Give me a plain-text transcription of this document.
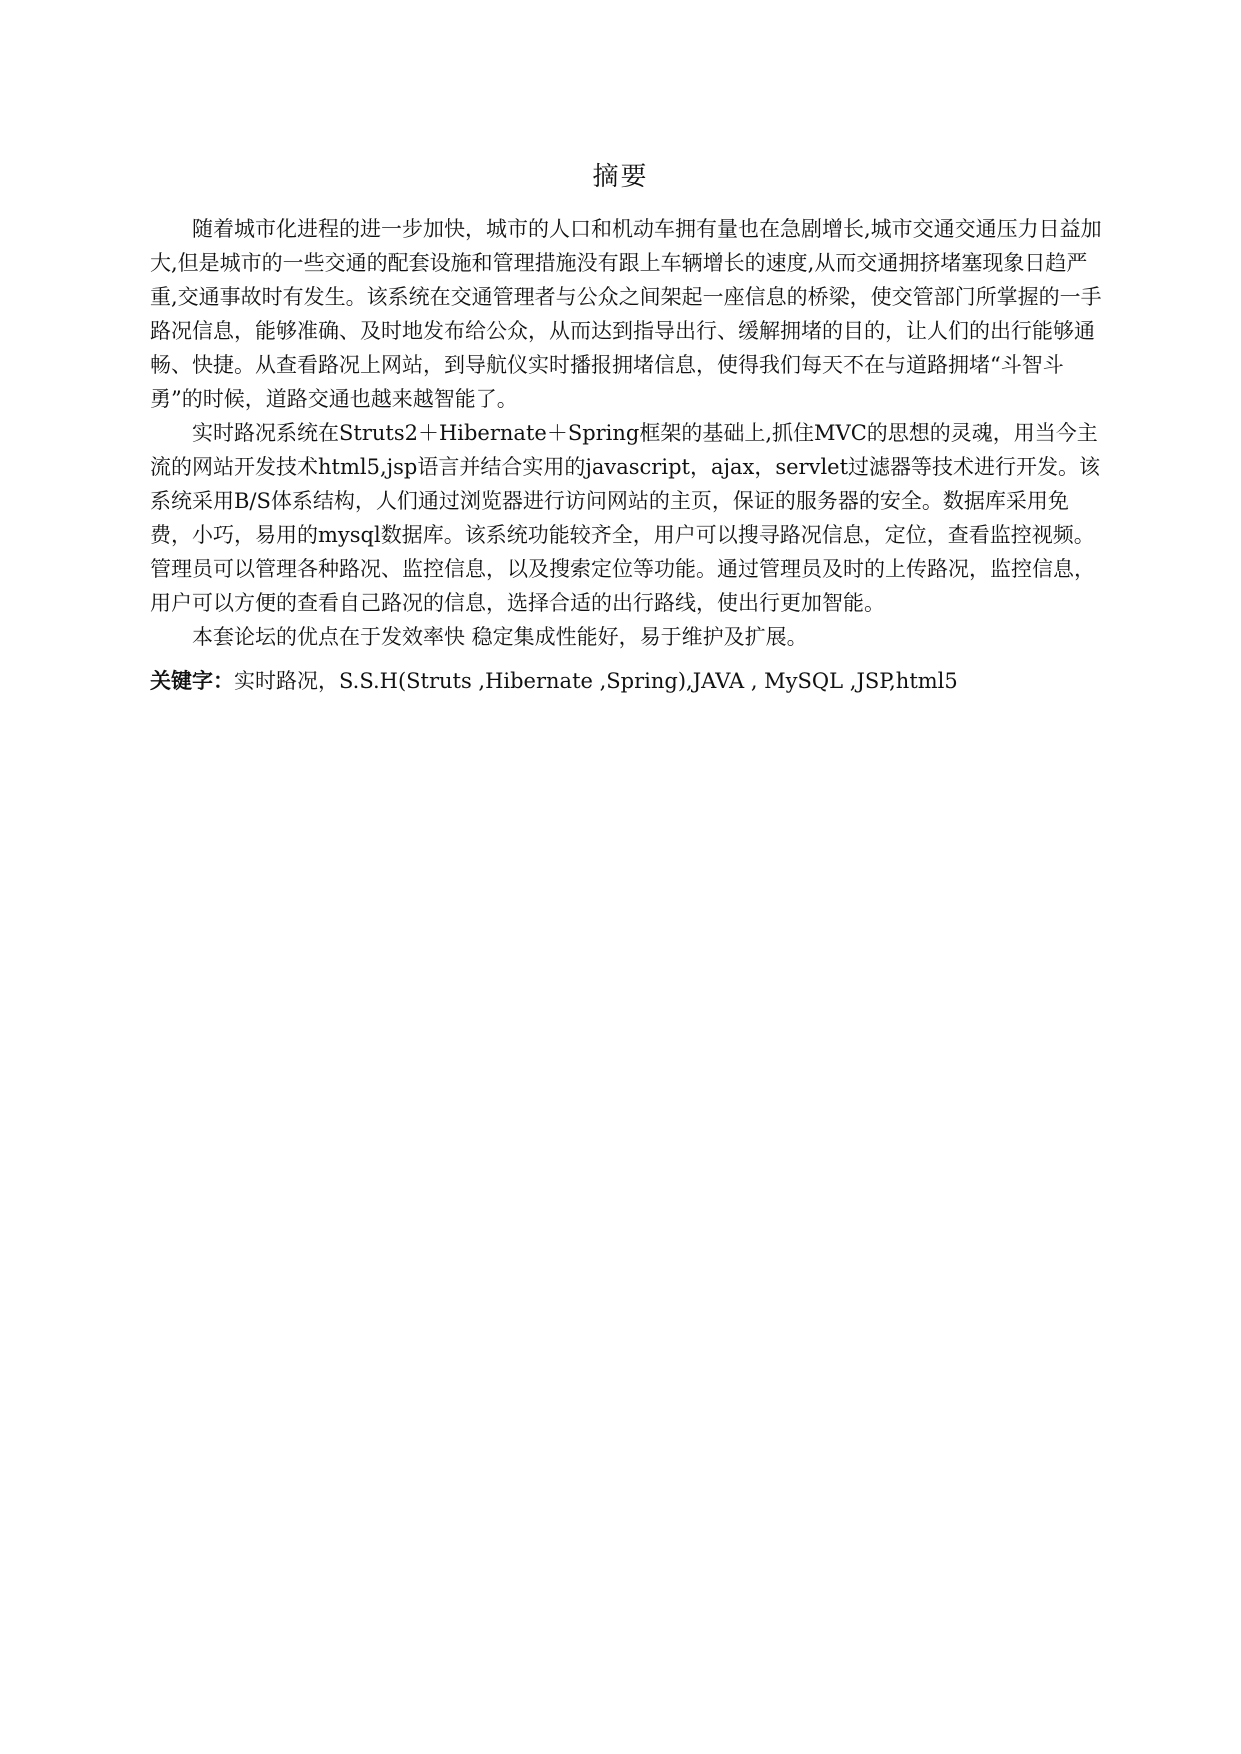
摘要

随着城市化进程的进一步加快，城市的人口和机动车拥有量也在急剧增长,城市交通交通压力日益加大,但是城市的一些交通的配套设施和管理措施没有跟上车辆增长的速度,从而交通拥挤堵塞现象日趋严重,交通事故时有发生。该系统在交通管理者与公众之间架起一座信息的桥梁，使交管部门所掌握的一手路况信息，能够准确、及时地发布给公众，从而达到指导出行、缓解拥堵的目的，让人们的出行能够通畅、快捷。从查看路况上网站，到导航仪实时播报拥堵信息，使得我们每天不在与道路拥堵“斗智斗勇”的时候，道路交通也越来越智能了。

实时路况系统在Struts2＋Hibernate＋Spring框架的基础上,抓住MVC的思想的灵魂，用当今主流的网站开发技术html5,jsp语言并结合实用的javascript，ajax，servlet过滤器等技术进行开发。该系统采用B/S体系结构，人们通过浏览器进行访问网站的主页，保证的服务器的安全。数据库采用免费，小巧，易用的mysql数据库。该系统功能较齐全，用户可以搜寻路况信息，定位，查看监控视频。管理员可以管理各种路况、监控信息，以及搜索定位等功能。通过管理员及时的上传路况，监控信息，用户可以方便的查看自己路况的信息，选择合适的出行路线，使出行更加智能。

本套论坛的优点在于发效率快 稳定集成性能好，易于维护及扩展。

关键字：实时路况，S.S.H(Struts ,Hibernate ,Spring),JAVA , MySQL ,JSP,html5
